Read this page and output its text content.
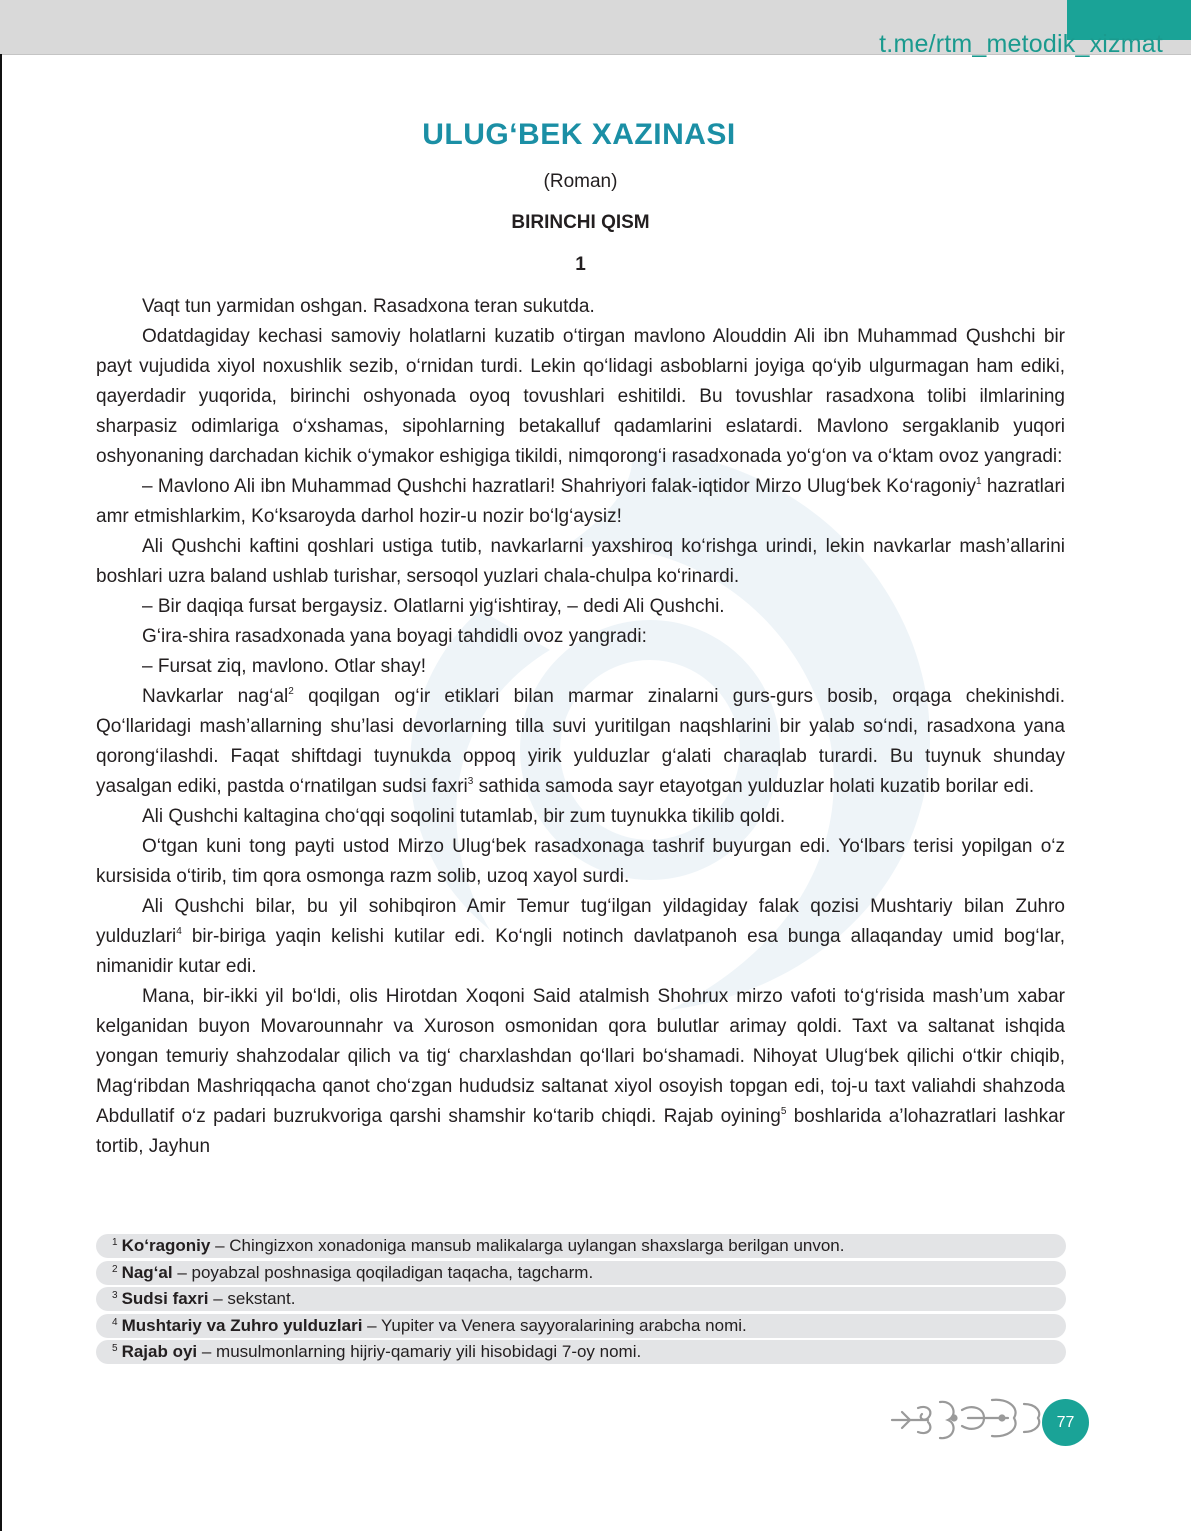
t.me/rtm_metodik_xizmat
ULUG‘BEK XAZINASI
(Roman)
BIRINCHI QISM
1

Vaqt tun yarmidan oshgan. Rasadxona teran sukutda.

Odatdagiday kechasi samoviy holatlarni kuzatib o‘tirgan mavlono Alouddin Ali ibn Muhammad Qushchi bir payt vujudida xiyol noxushlik sezib, o‘rnidan turdi. Lekin qo‘lidagi asboblarni joyiga qo‘yib ulgurmagan ham ediki, qayerdadir yuqorida, birinchi oshyonada oyoq tovushlari eshitildi. Bu tovushlar rasadxona tolibi ilmlarining sharpasiz odimlariga o‘xshamas, sipohlarning betakalluf qadamlarini eslatardi. Mavlono sergaklanib yuqori oshyonaning darchadan kichik o‘ymakor eshigiga tikildi, nimqorong‘i rasadxonada yo‘g‘on va o‘ktam ovoz yangradi:

– Mavlono Ali ibn Muhammad Qushchi hazratlari! Shahriyori falak-iqtidor Mirzo Ulug‘bek Ko‘ragoniy$^1$ hazratlari amr etmishlarkim, Ko‘ksaroyda darhol hozir-u nozir bo‘lg‘aysiz!

Ali Qushchi kaftini qoshlari ustiga tutib, navkarlarni yaxshiroq ko‘rishga urindi, lekin navkarlar mash’allarini boshlari uzra baland ushlab turishar, sersoqol yuzlari chala-chulpa ko‘rinardi.

– Bir daqiqa fursat bergaysiz. Olatlarni yig‘ishtiray, – dedi Ali Qushchi.

G‘ira-shira rasadxonada yana boyagi tahdidli ovoz yangradi:

– Fursat ziq, mavlono. Otlar shay!

Navkarlar $nag‘al^2$ qoqilgan og‘ir etiklari bilan marmar zinalarni gurs-gurs bosib, orqaga chekinishdi. Qo‘llaridagi mash’allarning shu’lasi devorlarning tilla suvi yuritilgan naqshlarini bir yalab so‘ndi, rasadxona yana qorong‘ilashdi. Faqat shiftdagi tuynukda oppoq yirik yulduzlar g‘alati charaqlab turardi. Bu tuynuk shunday yasalgan ediki, pastda o‘rnatilgan sudsi faxri$^3$ sathida samoda sayr etayotgan yulduzlar holati kuzatib borilar edi.

Ali Qushchi kaltagina cho‘qqi soqolini tutamlab, bir zum tuynukka tikilib qoldi.

O‘tgan kuni tong payti ustod Mirzo Ulug‘bek rasadxonaga tashrif buyurgan edi. Yo‘lbars terisi yopilgan o‘z kursisida o‘tirib, tim qora osmonga razm solib, uzoq xayol surdi.

Ali Qushchi bilar, bu yil sohibqiron Amir Temur tug‘ilgan yildagiday falak qozisi Mushtariy bilan Zuhro yulduzlari$^4$ bir-biriga yaqin kelishi kutilar edi. Ko‘ngli notinch davlatpanoh esa bunga allaqanday umid bog‘lar, nimanidir kutar edi.

Mana, bir-ikki yil bo‘ldi, olis Hirotdan Xoqoni Said atalmish Shohrux mirzo vafoti to‘g‘risida mash’um xabar kelganidan buyon Movarounnahr va Xuroson osmonidan qora bulutlar arimay qoldi. Taxt va saltanat ishqida yongan temuriy shahzodalar qilich va tig‘ charxlashdan qo‘llari bo‘shamadi. Nihoyat Ulug‘bek qilichi o‘tkir chiqib, Mag‘ribdan Mashriqqacha qanot cho‘zgan hududsiz saltanat xiyol osoyish topgan edi, toj-u taxt valiahdi shahzoda Abdullatif o‘z padari buzrukvoriga qarshi shamshir ko‘tarib chiqdi. Rajab oyining$^5$ boshlarida a’lohazratlari lashkar tortib, Jayhun

$^1$ Ko‘ragoniy – Chingizxon xonadoniga mansub malikalarga uylangan shaxslarga berilgan unvon.
$^2$ Nag‘al – poyabzal poshnasiga qoqiladigan taqacha, tagcharm.
$^3$ Sudsi faxri – sekstant.
$^4$ Mushtariy va Zuhro yulduzlari – Yupiter va Venera sayyoralarining arabcha nomi.
$^5$ Rajab oyi – musulmonlarning hijriy-qamariy yili hisobidagi 7-oy nomi.
77
